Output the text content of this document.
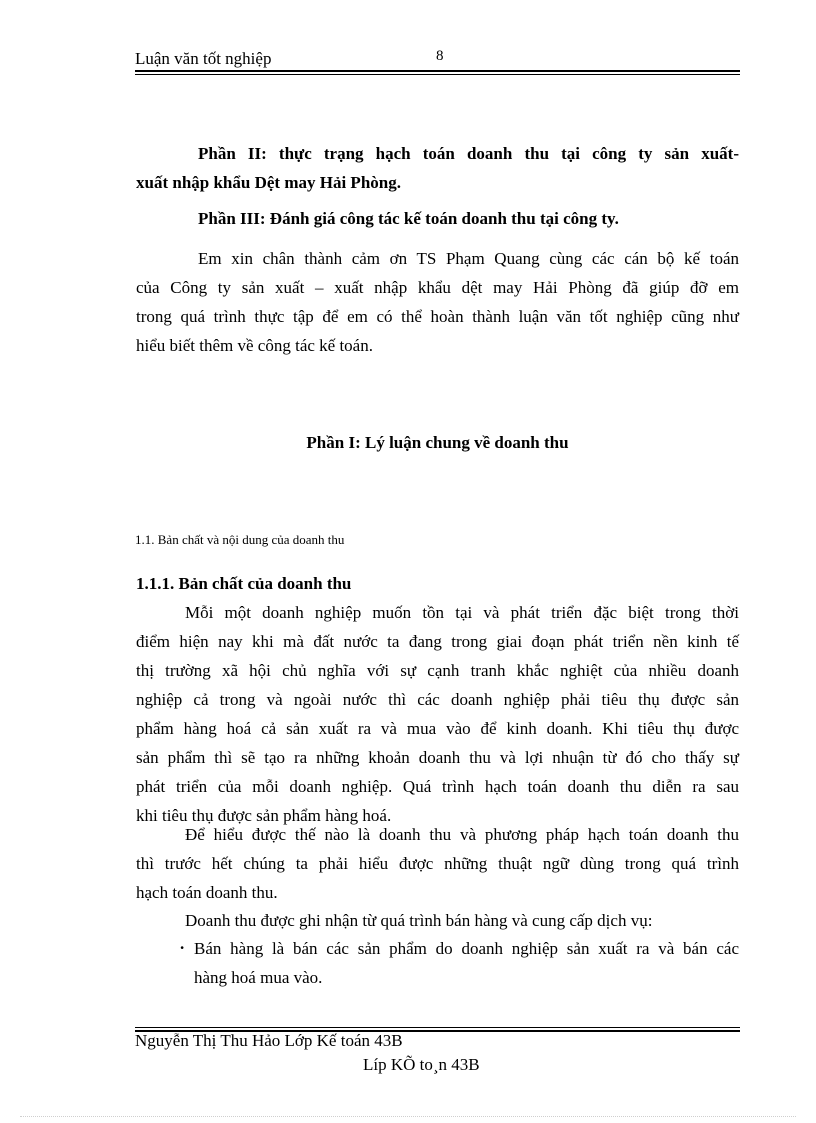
Luận văn tốt nghiệp	8
Phần II: thực trạng hạch toán doanh thu tại công ty sản xuất-
xuất nhập khẩu Dệt may Hải Phòng.
Phần III: Đánh giá công tác kế toán doanh thu tại công ty.
Em xin chân thành cảm ơn TS Phạm Quang cùng các cán bộ kế toán
của Công ty sản xuất – xuất nhập khẩu dệt may Hải Phòng đã giúp đỡ em
trong quá trình thực tập để em có thể hoàn thành luận văn tốt nghiệp cũng như
hiểu biết thêm về công tác kế toán.
Phần I: Lý luận chung về doanh thu
1.1. Bản chất và nội dung của doanh thu
1.1.1. Bản chất của doanh thu
Mỗi một doanh nghiệp muốn tồn tại và phát triển đặc biệt trong thời
điểm hiện nay khi mà đất nước ta đang trong giai đoạn phát triển nền kinh tế
thị trường xã hội chủ nghĩa với sự cạnh tranh khắc nghiệt của nhiều doanh
nghiệp cả trong và ngoài nước thì các doanh nghiệp phải tiêu thụ được sản
phẩm hàng hoá cả sản xuất ra và mua vào để kinh doanh. Khi tiêu thụ được
sản phẩm thì sẽ tạo ra những khoản doanh thu và lợi nhuận từ đó cho thấy sự
phát triển của mỗi doanh nghiệp. Quá trình hạch toán doanh thu diễn ra sau
khi tiêu thụ được sản phẩm hàng hoá.
Để hiểu được thế nào là doanh thu và phương pháp hạch toán doanh thu
thì trước hết chúng ta phải hiểu được những thuật ngữ dùng trong quá trình
hạch toán doanh thu.
Doanh thu được ghi nhận từ quá trình bán hàng và cung cấp dịch vụ:
. Bán hàng là bán các sản phẩm do doanh nghiệp sản xuất ra và bán các
hàng hoá mua vào.
Nguyễn Thị Thu Hảo Lớp Kế toán 43B
Líp KÕ to¸n 43B
